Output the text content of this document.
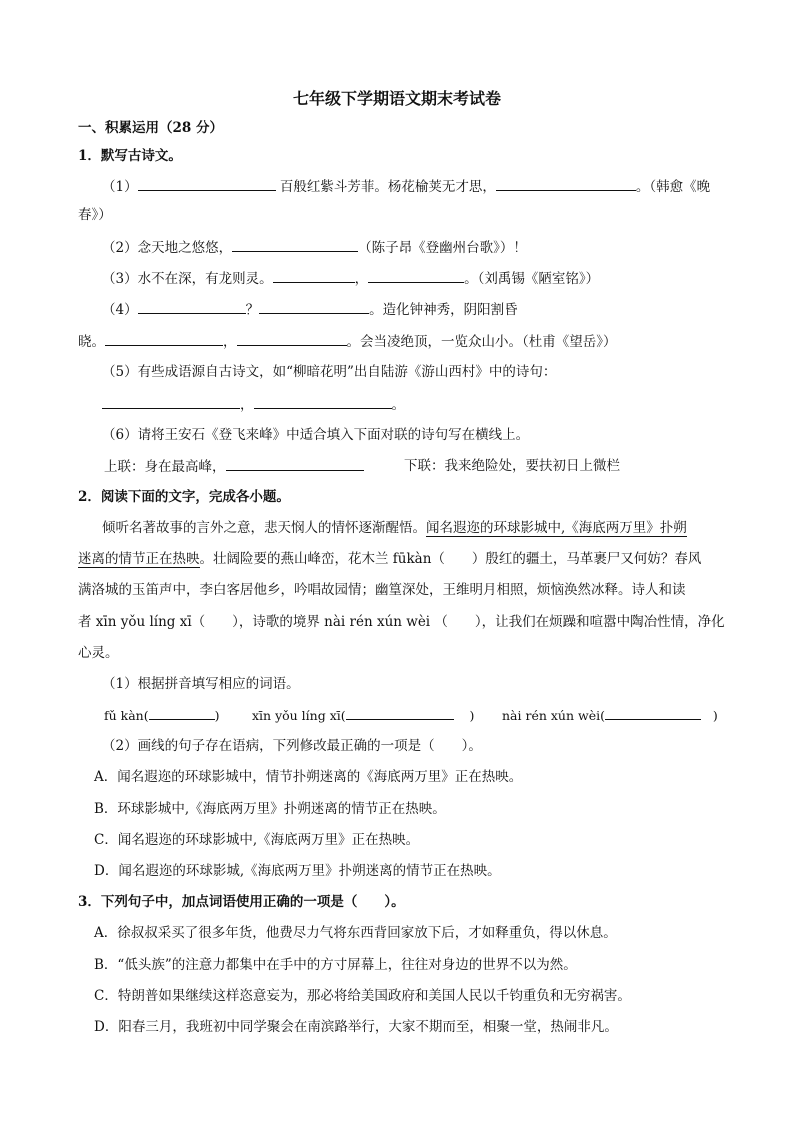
七年级下学期语文期末考试卷
一、积累运用（28 分）
1．默写古诗文。
（1）	百般红紫斗芳菲。杨花榆荚无才思，	。（韩愈《晚
春》）
（2）念天地之悠悠，	（陈子昂《登幽州台歌》）！
（3）水不在深，有龙则灵。	，	。（刘禹锡《陋室铭》）
（4）	？	。造化钟神秀，阴阳割昏
晓。	，	。会当凌绝顶，一览众山小。（杜甫《望岳》）
（5）有些成语源自古诗文，如“柳暗花明”出自陆游《游山西村》中的诗句：
，	。
（6）请将王安石《登飞来峰》中适合填入下面对联的诗句写在横线上。
上联：身在最高峰，	下联：我来绝险处，要扶初日上微栏
2．阅读下面的文字，完成各小题。
倾听名著故事的言外之意，悲天悯人的情怀逐渐醒悟。闻名遐迩的环球影城中,《海底两万里》扑朔
迷离的情节正在热映。壮阔险要的燕山峰峦，花木兰 fūkàn（　　）殷红的疆土，马革裹尸又何妨？春风
满洛城的玉笛声中，李白客居他乡，吟唱故园情；幽篁深处，王维明月相照，烦恼涣然冰释。诗人和读
者 xīn yǒu líng xī（　　），诗歌的境界 nài rén xún wèi （　　），让我们在烦躁和喧嚣中陶冶性情，净化
心灵。
（1）根据拼音填写相应的词语。
fǔ kàn(	)	xīn yǒu líng xī(	) nài rén xún wèi(	)
（2）画线的句子存在语病，下列修改最正确的一项是（　　）。
A．闻名遐迩的环球影城中，情节扑朔迷离的《海底两万里》正在热映。
B．环球影城中,《海底两万里》扑朔迷离的情节正在热映。
C．闻名遐迩的环球影城中,《海底两万里》正在热映。
D．闻名遐迩的环球影城,《海底两万里》扑朔迷离的情节正在热映。
3．下列句子中，加点词语使用正确的一项是（　　）。
A．徐叔叔采买了很多年货，他费尽力气将东西背回家放下后，才如释重负，得以休息。
B．“低头族”的注意力都集中在手中的方寸屏幕上，往往对身边的世界不以为然。
C．特朗普如果继续这样恣意妄为，那必将给美国政府和美国人民以千钧重负和无穷祸害。
D．阳春三月，我班初中同学聚会在南滨路举行，大家不期而至，相聚一堂，热闹非凡。
